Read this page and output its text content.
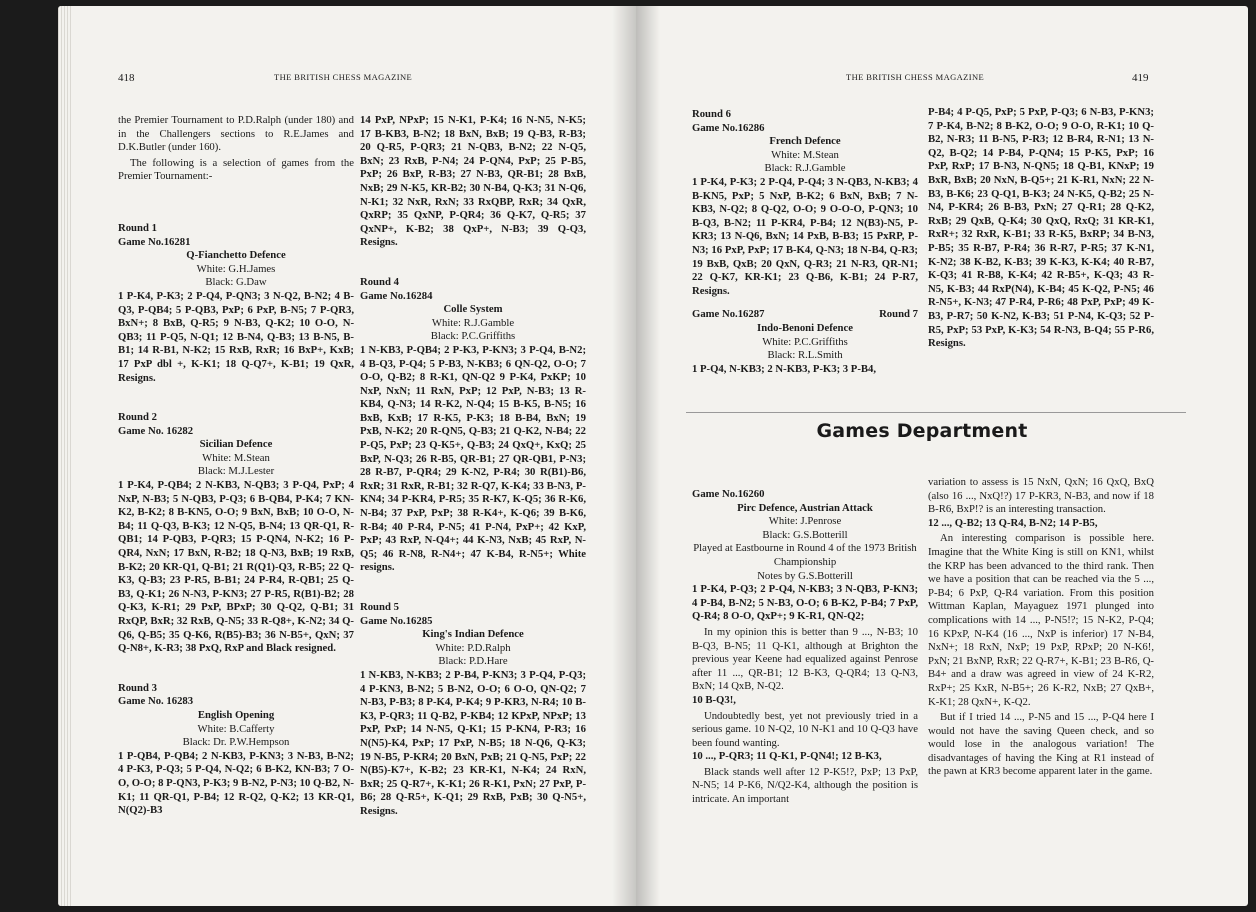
418	THE BRITISH CHESS MAGAZINE

the Premier Tournament to P.D.Ralph (under 180) and in the Challengers sections to R.E.James and D.K.Butler (under 160).

The following is a selection of games from the Premier Tournament:-

Round 1

Game No.16281

Q-Fianchetto Defence

White: G.H.James

Black: G.Daw

1 P-K4, P-K3; 2 P-Q4, P-QN3; 3 N-Q2, B-N2; 4 B-Q3, P-QB4; 5 P-QB3, PxP; 6 PxP, B-N5; 7 P-QR3, BxN+; 8 BxB, Q-R5; 9 N-B3, Q-K2; 10 O-O, N-QB3; 11 P-Q5, N-Q1; 12 B-N4, Q-B3; 13 B-N5, B-B1; 14 R-B1, N-K2; 15 RxB, RxR; 16 BxP+, KxB; 17 PxP dbl +, K-K1; 18 Q-Q7+, K-B1; 19 QxR, Resigns.

Round 2

Game No. 16282

Sicilian Defence

White: M.Stean

Black: M.J.Lester

1 P-K4, P-QB4; 2 N-KB3, N-QB3; 3 P-Q4, PxP; 4 NxP, N-B3; 5 N-QB3, P-Q3; 6 B-QB4, P-K4; 7 KN-K2, B-K2; 8 B-KN5, O-O; 9 BxN, BxB; 10 O-O, N-B4; 11 Q-Q3, B-K3; 12 N-Q5, B-N4; 13 QR-Q1, R-QB1; 14 P-QB3, P-QR3; 15 P-QN4, N-K2; 16 P-QR4, NxN; 17 BxN, R-B2; 18 Q-N3, BxB; 19 RxB, B-K2; 20 KR-Q1, Q-B1; 21 R(Q1)-Q3, R-B5; 22 Q-K3, Q-B3; 23 P-R5, B-B1; 24 P-R4, R-QB1; 25 Q-B3, Q-K1; 26 N-N3, P-KN3; 27 P-R5, R(B1)-B2; 28 Q-K3, K-R1; 29 PxP, BPxP; 30 Q-Q2, Q-B1; 31 RxQP, BxR; 32 RxB, Q-N5; 33 R-Q8+, K-N2; 34 Q-Q6, Q-B5; 35 Q-K6, R(B5)-B3; 36 N-B5+, QxN; 37 Q-N8+, K-R3; 38 PxQ, RxP and Black resigned.

Round 3

Game No. 16283

English Opening

White: B.Cafferty

Black: Dr. P.W.Hempson

1 P-QB4, P-QB4; 2 N-KB3, P-KN3; 3 N-B3, B-N2; 4 P-K3, P-Q3; 5 P-Q4, N-Q2; 6 B-K2, KN-B3; 7 O-O, O-O; 8 P-QN3, P-K3; 9 B-N2, P-N3; 10 Q-B2, N-K1; 11 QR-Q1, P-B4; 12 R-Q2, Q-K2; 13 KR-Q1, N(Q2)-B3

14 PxP, NPxP; 15 N-K1, P-K4; 16 N-N5, N-K5; 17 B-KB3, B-N2; 18 BxN, BxB; 19 Q-B3, R-B3; 20 Q-R5, P-QR3; 21 N-QB3, B-N2; 22 N-Q5, BxN; 23 RxB, P-N4; 24 P-QN4, PxP; 25 P-B5, PxP; 26 BxP, R-B3; 27 N-B3, QR-B1; 28 BxB, NxB; 29 N-K5, KR-B2; 30 N-B4, Q-K3; 31 N-Q6, N-K1; 32 NxR, RxN; 33 RxQBP, RxR; 34 QxR, QxRP; 35 QxNP, P-QR4; 36 Q-K7, Q-R5; 37 QxNP+, K-B2; 38 QxP+, N-B3; 39 Q-Q3, Resigns.

Round 4

Game No.16284

Colle System

White: R.J.Gamble

Black: P.C.Griffiths

1 N-KB3, P-QB4; 2 P-K3, P-KN3; 3 P-Q4, B-N2; 4 B-Q3, P-Q4; 5 P-B3, N-KB3; 6 QN-Q2, O-O; 7 O-O, Q-B2; 8 R-K1, QN-Q2 9 P-K4, PxKP; 10 NxP, NxN; 11 RxN, PxP; 12 PxP, N-B3; 13 R-KB4, Q-N3; 14 R-K2, N-Q4; 15 B-K5, B-N5; 16 BxB, KxB; 17 R-K5, P-K3; 18 B-B4, BxN; 19 PxB, N-K2; 20 R-QN5, Q-B3; 21 Q-K2, N-B4; 22 P-Q5, PxP; 23 Q-K5+, Q-B3; 24 QxQ+, KxQ; 25 BxP, N-Q3; 26 R-B5, QR-B1; 27 QR-QB1, P-N3; 28 R-B7, P-QR4; 29 K-N2, P-R4; 30 R(B1)-B6, RxR; 31 RxR, R-B1; 32 R-Q7, K-K4; 33 B-N3, P-KN4; 34 P-KR4, P-R5; 35 R-K7, K-Q5; 36 R-K6, N-B4; 37 PxP, PxP; 38 R-K4+, K-Q6; 39 B-K6, R-B4; 40 P-R4, P-N5; 41 P-N4, PxP+; 42 KxP, PxP; 43 RxP, N-Q4+; 44 K-N3, NxB; 45 RxP, N-Q5; 46 R-N8, R-N4+; 47 K-B4, R-N5+; White resigns.

Round 5

Game No.16285

King's Indian Defence

White: P.D.Ralph

Black: P.D.Hare

1 N-KB3, N-KB3; 2 P-B4, P-KN3; 3 P-Q4, P-Q3; 4 P-KN3, B-N2; 5 B-N2, O-O; 6 O-O, QN-Q2; 7 N-B3, P-B3; 8 P-K4, P-K4; 9 P-KR3, N-R4; 10 B-K3, P-QR3; 11 Q-B2, P-KB4; 12 KPxP, NPxP; 13 PxP, PxP; 14 N-N5, Q-K1; 15 P-KN4, P-R3; 16 N(N5)-K4, PxP; 17 PxP, N-B5; 18 N-Q6, Q-K3; 19 N-B5, P-KR4; 20 BxN, PxB; 21 Q-N5, PxP; 22 N(B5)-K7+, K-B2; 23 KR-K1, N-K4; 24 RxN, BxR; 25 Q-R7+, K-K1; 26 R-K1, PxN; 27 PxP, P-B6; 28 Q-R5+, K-Q1; 29 RxB, PxB; 30 Q-N5+, Resigns.

THE BRITISH CHESS MAGAZINE	419

Round 6

Game No.16286

French Defence

White: M.Stean

Black: R.J.Gamble

1 P-K4, P-K3; 2 P-Q4, P-Q4; 3 N-QB3, N-KB3; 4 B-KN5, PxP; 5 NxP, B-K2; 6 BxN, BxB; 7 N-KB3, N-Q2; 8 Q-Q2, O-O; 9 O-O-O, P-QN3; 10 B-Q3, B-N2; 11 P-KR4, P-B4; 12 N(B3)-N5, P-KR3; 13 N-Q6, BxN; 14 PxB, B-B3; 15 PxRP, P-N3; 16 PxP, PxP; 17 B-K4, Q-N3; 18 N-B4, Q-R3; 19 BxB, QxB; 20 QxN, Q-R3; 21 N-R3, QR-N1; 22 Q-K7, KR-K1; 23 Q-B6, K-B1; 24 P-R7, Resigns.

Game No.16287	Round 7

Indo-Benoni Defence

White: P.C.Griffiths

Black: R.L.Smith

1 P-Q4, N-KB3; 2 N-KB3, P-K3; 3 P-B4,

P-B4; 4 P-Q5, PxP; 5 PxP, P-Q3; 6 N-B3, P-KN3; 7 P-K4, B-N2; 8 B-K2, O-O; 9 O-O, R-K1; 10 Q-B2, N-R3; 11 B-N5, P-R3; 12 B-R4, R-N1; 13 N-Q2, B-Q2; 14 P-B4, P-QN4; 15 P-K5, PxP; 16 PxP, RxP; 17 B-N3, N-QN5; 18 Q-B1, KNxP; 19 BxR, BxB; 20 NxN, B-Q5+; 21 K-R1, NxN; 22 N-B3, B-K6; 23 Q-Q1, B-K3; 24 N-K5, Q-B2; 25 N-N4, P-KR4; 26 B-B3, PxN; 27 Q-R1; 28 Q-K2, RxB; 29 QxB, Q-K4; 30 QxQ, RxQ; 31 KR-K1, RxR+; 32 RxR, K-B1; 33 R-K5, BxRP; 34 B-N3, P-B5; 35 R-B7, P-R4; 36 R-R7, P-R5; 37 K-N1, K-N2; 38 K-B2, K-B3; 39 K-K3, K-K4; 40 R-B7, K-Q3; 41 R-B8, K-K4; 42 R-B5+, K-Q3; 43 R-N5, K-B3; 44 RxP(N4), K-B4; 45 K-Q2, P-N5; 46 R-N5+, K-N3; 47 P-R4, P-R6; 48 PxP, PxP; 49 K-B3, P-R7; 50 K-N2, K-B3; 51 P-N4, K-Q3; 52 P-R5, PxP; 53 PxP, K-K3; 54 R-N3, B-Q4; 55 P-R6, Resigns.

Games Department

Game No.16260

Pirc Defence, Austrian Attack

White: J.Penrose

Black: G.S.Botterill

Played at Eastbourne in Round 4 of the 1973 British Championship

Notes by G.S.Botterill

1 P-K4, P-Q3; 2 P-Q4, N-KB3; 3 N-QB3, P-KN3; 4 P-B4, B-N2; 5 N-B3, O-O; 6 B-K2, P-B4; 7 PxP, Q-R4; 8 O-O, QxP+; 9 K-R1, QN-Q2;

In my opinion this is better than 9 ..., N-B3; 10 B-Q3, B-N5; 11 Q-K1, although at Brighton the previous year Keene had equalized against Penrose after 11 ..., QR-B1; 12 B-K3, Q-QR4; 13 Q-N3, BxN; 14 QxB, N-Q2.

10 B-Q3!,

Undoubtedly best, yet not previously tried in a serious game. 10 N-Q2, 10 N-K1 and 10 Q-Q3 have been found wanting.

10 ..., P-QR3; 11 Q-K1, P-QN4!; 12 B-K3,

Black stands well after 12 P-K5!?, PxP; 13 PxP, N-N5; 14 P-K6, N/Q2-K4, although the position is intricate. An important

variation to assess is 15 NxN, QxN; 16 QxQ, BxQ (also 16 ..., NxQ!?) 17 P-KR3, N-B3, and now if 18 B-R6, BxP!? is an interesting transaction.

12 ..., Q-B2; 13 Q-R4, B-N2; 14 P-B5,

An interesting comparison is possible here. Imagine that the White King is still on KN1, whilst the KRP has been advanced to the third rank. Then we have a position that can be reached via the 5 ..., P-B4; 6 PxP, Q-R4 variation. From this position Wittman Kaplan, Mayaguez 1971 plunged into complications with 14 ..., P-N5!?; 15 N-K2, P-Q4; 16 KPxP, N-K4 (16 ..., NxP is inferior) 17 N-B4, NxN+; 18 RxN, NxP; 19 PxP, RPxP; 20 N-K6!, PxN; 21 BxNP, RxR; 22 Q-R7+, K-B1; 23 B-R6, Q-B4+ and a draw was agreed in view of 24 K-R2, RxP+; 25 KxR, N-B5+; 26 K-R2, NxB; 27 QxB+, K-K1; 28 QxN+, K-Q2.

But if I tried 14 ..., P-N5 and 15 ..., P-Q4 here I would not have the saving Queen check, and so would lose in the analogous variation! The disadvantages of having the King at R1 instead of the pawn at KR3 become apparent later in the game.
